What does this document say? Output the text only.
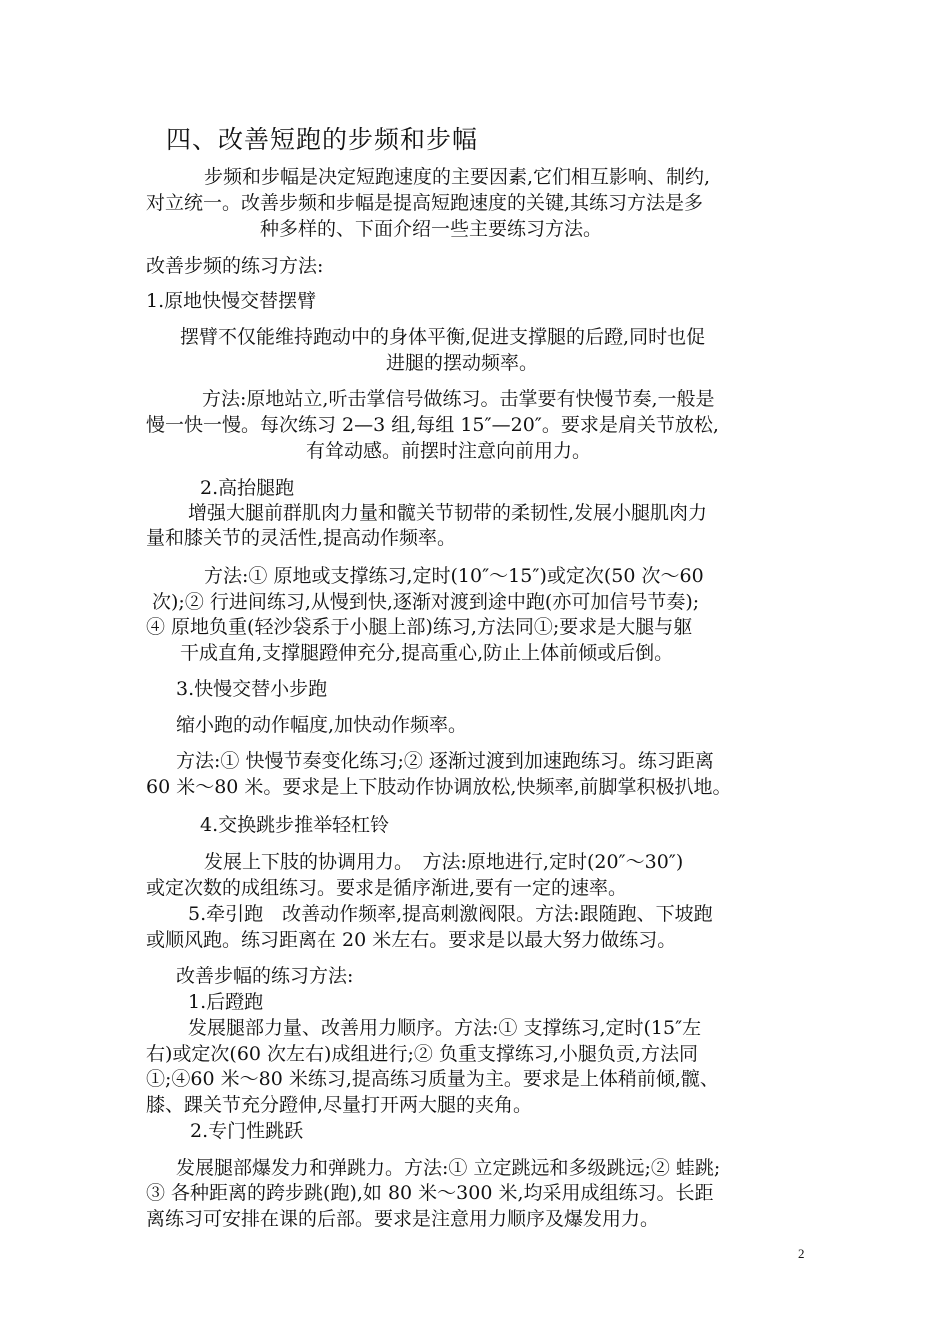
四、改善短跑的步频和步幅
步频和步幅是决定短跑速度的主要因素,它们相互影响、制约,
对立统一。改善步频和步幅是提高短跑速度的关键,其练习方法是多
种多样的、下面介绍一些主要练习方法。
改善步频的练习方法:
1.原地快慢交替摆臂
摆臂不仅能维持跑动中的身体平衡,促进支撑腿的后蹬,同时也促
进腿的摆动频率。
方法:原地站立,听击掌信号做练习。击掌要有快慢节奏,一般是
慢一快一慢。每次练习 2—3 组,每组 15″—20″。要求是肩关节放松,
有耸动感。前摆时注意向前用力。
2.高抬腿跑
增强大腿前群肌肉力量和髋关节韧带的柔韧性,发展小腿肌肉力
量和膝关节的灵活性,提高动作频率。
方法:① 原地或支撑练习,定时(10″～15″)或定次(50 次～60
次);② 行进间练习,从慢到快,逐渐对渡到途中跑(亦可加信号节奏);
④ 原地负重(轻沙袋系于小腿上部)练习,方法同①;要求是大腿与躯
干成直角,支撑腿蹬伸充分,提高重心,防止上体前倾或后倒。
3.快慢交替小步跑
缩小跑的动作幅度,加快动作频率。
方法:① 快慢节奏变化练习;② 逐渐过渡到加速跑练习。练习距离
60 米～80 米。要求是上下肢动作协调放松,快频率,前脚掌积极扒地。
4.交换跳步推举轻杠铃
发展上下肢的协调用力。　方法:原地进行,定时(20″～30″)
或定次数的成组练习。要求是循序渐进,要有一定的速率。
5.牵引跑　改善动作频率,提高刺激阀限。方法:跟随跑、下坡跑
或顺风跑。练习距离在 20 米左右。要求是以最大努力做练习。
改善步幅的练习方法:
1.后蹬跑
发展腿部力量、改善用力顺序。方法:① 支撑练习,定时(15″左
右)或定次(60 次左右)成组进行;② 负重支撑练习,小腿负贡,方法同
①;④60 米～80 米练习,提高练习质量为主。要求是上体稍前倾,髋、
膝、踝关节充分蹬伸,尽量打开两大腿的夹角。
2.专门性跳跃
发展腿部爆发力和弹跳力。方法:① 立定跳远和多级跳远;② 蛙跳;
③ 各种距离的跨步跳(跑),如 80 米～300 米,均采用成组练习。长距
离练习可安排在课的后部。要求是注意用力顺序及爆发用力。
2
